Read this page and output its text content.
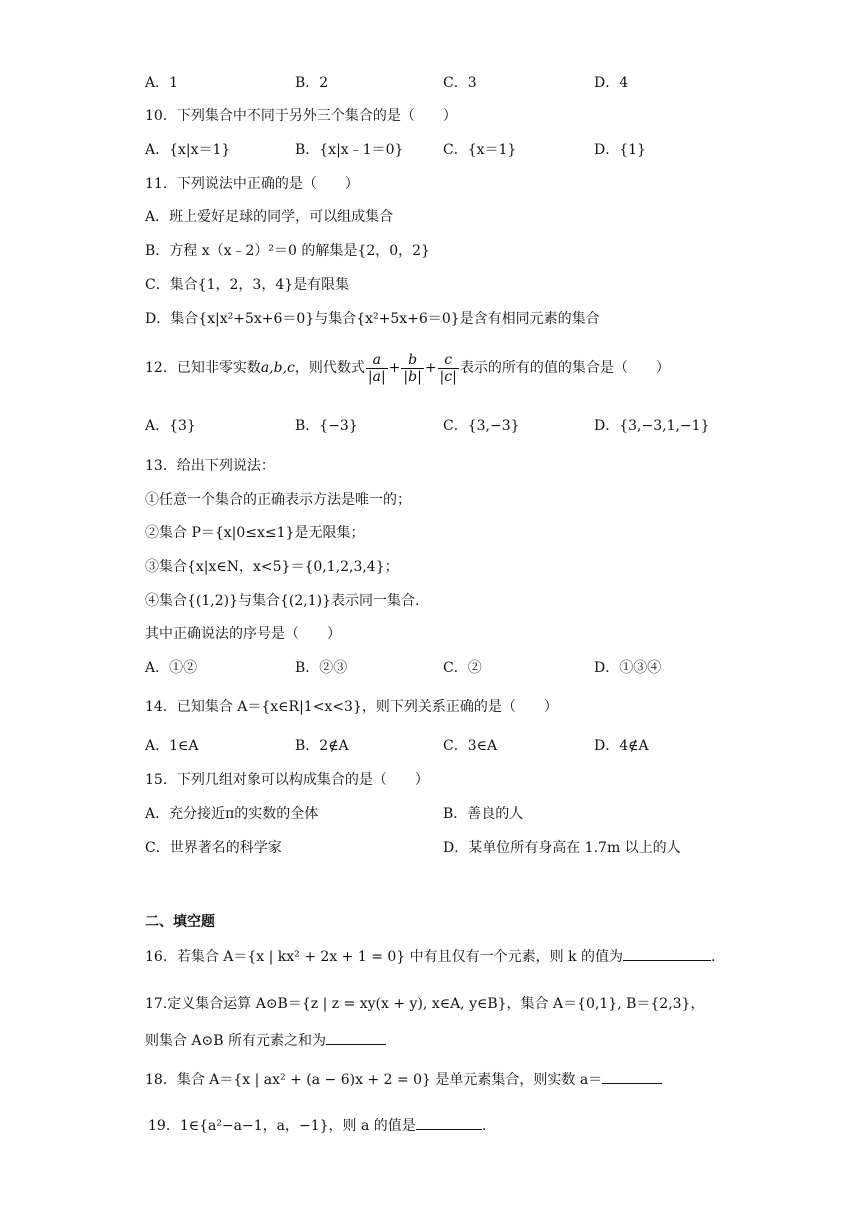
A．1	B．2	C．3	D．4
10．下列集合中不同于另外三个集合的是（　　）
A．{x|x＝1}	B．{x|x﹣1＝0}	C．{x＝1}	D．{1}
11．下列说法中正确的是（　　）
A．班上爱好足球的同学，可以组成集合
B．方程 x（x﹣2）²＝0 的解集是{2，0，2}
C．集合{1，2，3，4}是有限集
D．集合{x|x²+5x+6＝0}与集合{x²+5x+6＝0}是含有相同元素的集合
12．已知非零实数a,b,c，则代数式 $\frac{a}{|a|} + \frac{b}{|b|} + \frac{c}{|c|}$ 表示的所有的值的集合是（　　）
A．{3}	B．{−3}	C．{3,−3}	D．{3,−3,1,−1}
13．给出下列说法：
①任意一个集合的正确表示方法是唯一的；
②集合 P＝{x|0≤x≤1}是无限集；
③集合{x|x∈N，x<5}＝{0,1,2,3,4}；
④集合{(1,2)}与集合{(2,1)}表示同一集合.
其中正确说法的序号是（　　）
A．①②	B．②③	C．②	D．①③④
14．已知集合 A＝{x∈R|1<x<3}，则下列关系正确的是（　　）
A．1∈A	B．2∉A	C．3∈A	D．4∉A
15．下列几组对象可以构成集合的是（　　）
A．充分接近π的实数的全体	B．善良的人
C．世界著名的科学家	D．某单位所有身高在 1.7m 以上的人
二、填空题
16．若集合 A＝{x | kx² + 2x + 1 = 0} 中有且仅有一个元素，则 k 的值为	.
17.定义集合运算 A⊙B＝{z | z = xy(x + y), x∈A, y∈B}，集合 A＝{0,1}, B＝{2,3}，
则集合 A⊙B 所有元素之和为
18．集合 A＝{x | ax² + (a − 6)x + 2 = 0} 是单元素集合，则实数 a＝
19．1∈{a²−a−1，a，−1}，则 a 的值是	.
